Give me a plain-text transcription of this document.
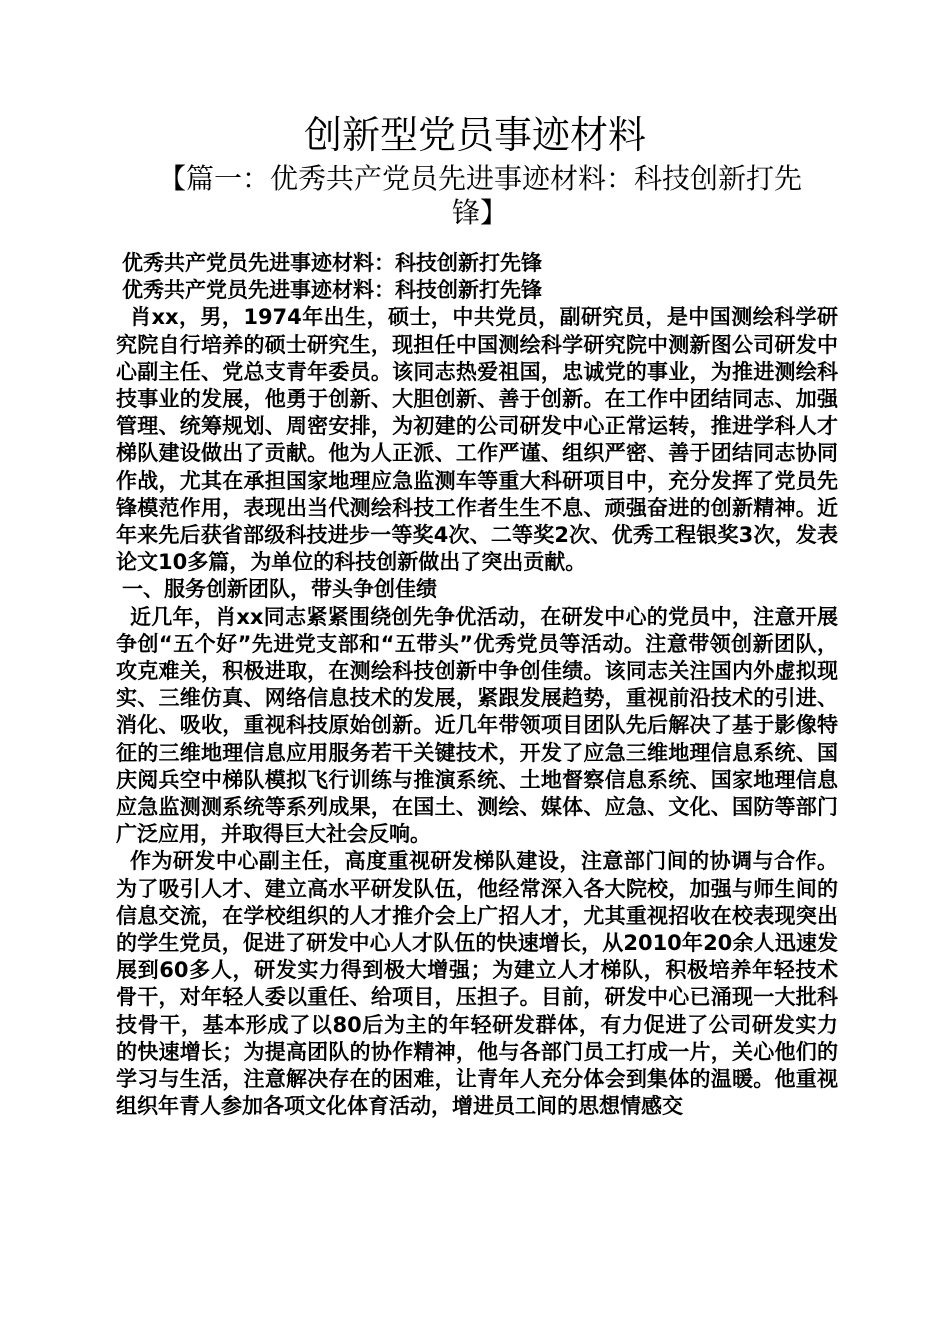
创新型党员事迹材料
【篇一：优秀共产党员先进事迹材料：科技创新打先锋】

优秀共产党员先进事迹材料：科技创新打先锋

优秀共产党员先进事迹材料：科技创新打先锋

肖xx，男，1974年出生，硕士，中共党员，副研究员，是中国测绘科学研究院自行培养的硕士研究生，现担任中国测绘科学研究院中测新图公司研发中心副主任、党总支青年委员。该同志热爱祖国，忠诚党的事业，为推进测绘科技事业的发展，他勇于创新、大胆创新、善于创新。在工作中团结同志、加强管理、统筹规划、周密安排，为初建的公司研发中心正常运转，推进学科人才梯队建设做出了贡献。他为人正派、工作严谨、组织严密、善于团结同志协同作战，尤其在承担国家地理应急监测车等重大科研项目中，充分发挥了党员先锋模范作用，表现出当代测绘科技工作者生生不息、顽强奋进的创新精神。近年来先后获省部级科技进步一等奖4次、二等奖2次、优秀工程银奖3次，发表论文10多篇，为单位的科技创新做出了突出贡献。

一、服务创新团队，带头争创佳绩

近几年，肖xx同志紧紧围绕创先争优活动，在研发中心的党员中，注意开展争创“五个好”先进党支部和“五带头”优秀党员等活动。注意带领创新团队，攻克难关，积极进取，在测绘科技创新中争创佳绩。该同志关注国内外虚拟现实、三维仿真、网络信息技术的发展，紧跟发展趋势，重视前沿技术的引进、消化、吸收，重视科技原始创新。近几年带领项目团队先后解决了基于影像特征的三维地理信息应用服务若干关键技术，开发了应急三维地理信息系统、国庆阅兵空中梯队模拟飞行训练与推演系统、土地督察信息系统、国家地理信息应急监测测系统等系列成果，在国土、测绘、媒体、应急、文化、国防等部门广泛应用，并取得巨大社会反响。

作为研发中心副主任，高度重视研发梯队建设，注意部门间的协调与合作。为了吸引人才、建立高水平研发队伍，他经常深入各大院校，加强与师生间的信息交流，在学校组织的人才推介会上广招人才，尤其重视招收在校表现突出的学生党员，促进了研发中心人才队伍的快速增长，从2010年20余人迅速发展到60多人，研发实力得到极大增强；为建立人才梯队，积极培养年轻技术骨干，对年轻人委以重任、给项目，压担子。目前，研发中心已涌现一大批科技骨干，基本形成了以80后为主的年轻研发群体，有力促进了公司研发实力的快速增长；为提高团队的协作精神，他与各部门员工打成一片，关心他们的学习与生活，注意解决存在的困难，让青年人充分体会到集体的温暖。他重视组织年青人参加各项文化体育活动，增进员工间的思想情感交
